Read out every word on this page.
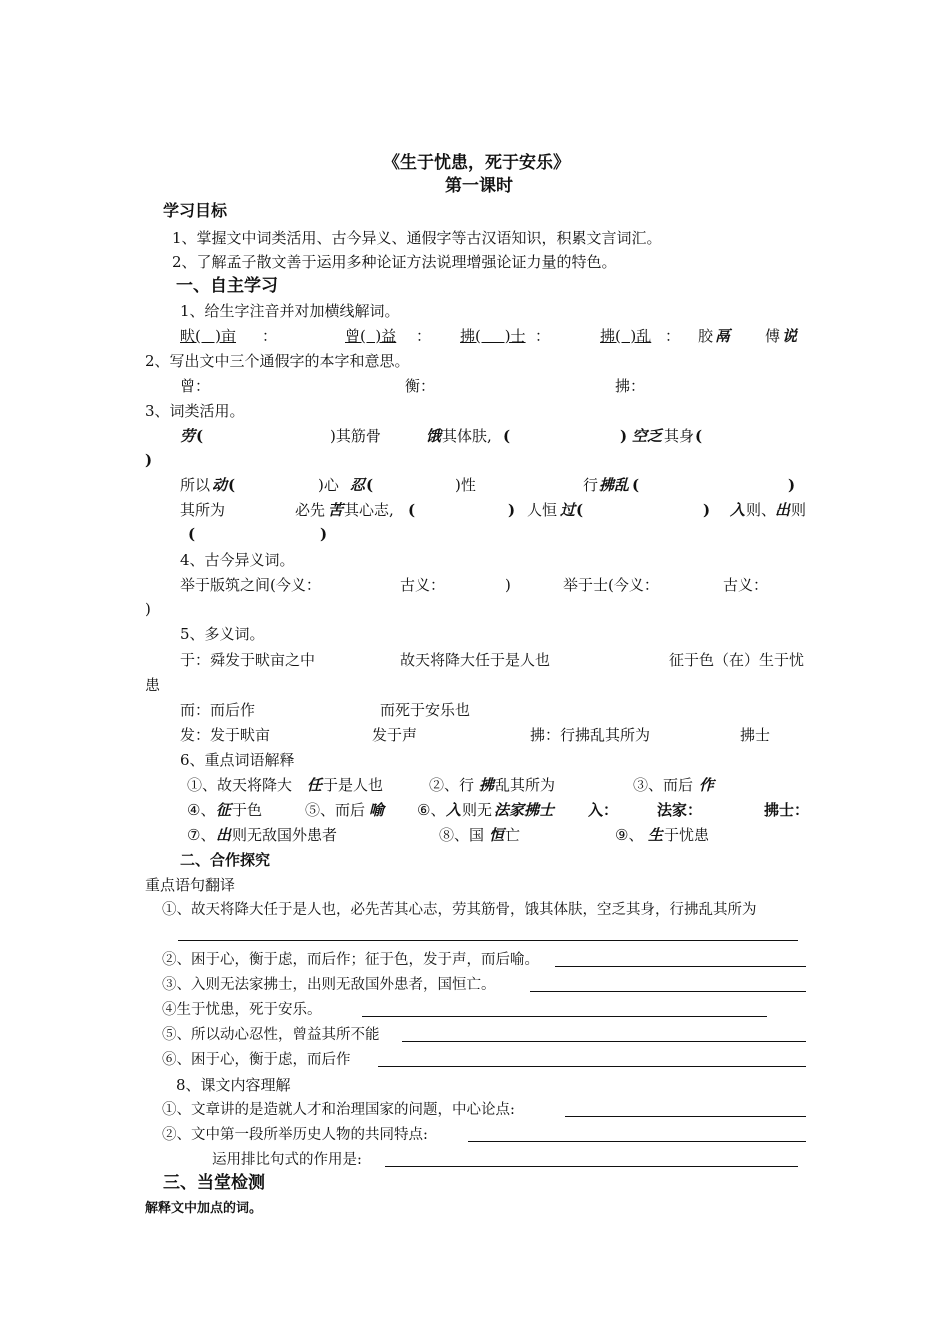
《生于忧患，死于安乐》
第一课时
学习目标
1、掌握文中词类活用、古今异义、通假字等古汉语知识，积累文言词汇。
2、了解孟子散文善于运用多种论证方法说理增强论证力量的特色。
一、自主学习
1、给生字注音并对加横线解词。
畎(   )亩 ：	曾(  )益 ： 拂(     )士 ：	拂(  )乱 ： 胶 鬲 傅 说
2、写出文中三个通假字的本字和意思。
曾：	衡：	拂：
3、词类活用。
劳 (	)其筋骨	饿 其体肤, (	) 空乏 其身 (
)
所以 动 (	)心 忍 (	)性	行 拂乱 (	)
其所为	必先 苦 其心志, (	) 人恒 过 (	) 入 则、
出 则
(	)
4、古今异义词。
举于版筑之间(今义：	古义：	)	举于士(今义：	古义：
)
5、多义词。
于：舜发于畎亩之中	故天将降大任于是人也	征于色（在）生于忧
患
而：而后作	而死于安乐也
发：发于畎亩	发于声	拂：行拂乱其所为	拂士
6、重点词语解释
①、故天将降大 任 于是人也	②、行 拂 乱其所为	③、而后 作
④、 征 于色	⑤、而后 喻 ⑥、 入 则无 法家拂士 入：	法家：	拂士：
⑦、 出 则无敌国外患者	⑧、国 恒 亡	⑨、 生 于忧患
二、合作探究
重点语句翻译
①、故天将降大任于是人也，必先苦其心志，劳其筋骨，饿其体肤，空乏其身，行拂乱其所为
②、困于心，衡于虑，而后作；征于色，发于声，而后喻。
③、入则无法家拂士，出则无敌国外患者，国恒亡。
④生于忧患，死于安乐。
⑤、所以动心忍性，曾益其所不能
⑥、困于心，衡于虑，而后作
8、课文内容理解
①、文章讲的是造就人才和治理国家的问题，中心论点:
②、文中第一段所举历史人物的共同特点:
运用排比句式的作用是:
三、当堂检测
解释文中加点的词。
